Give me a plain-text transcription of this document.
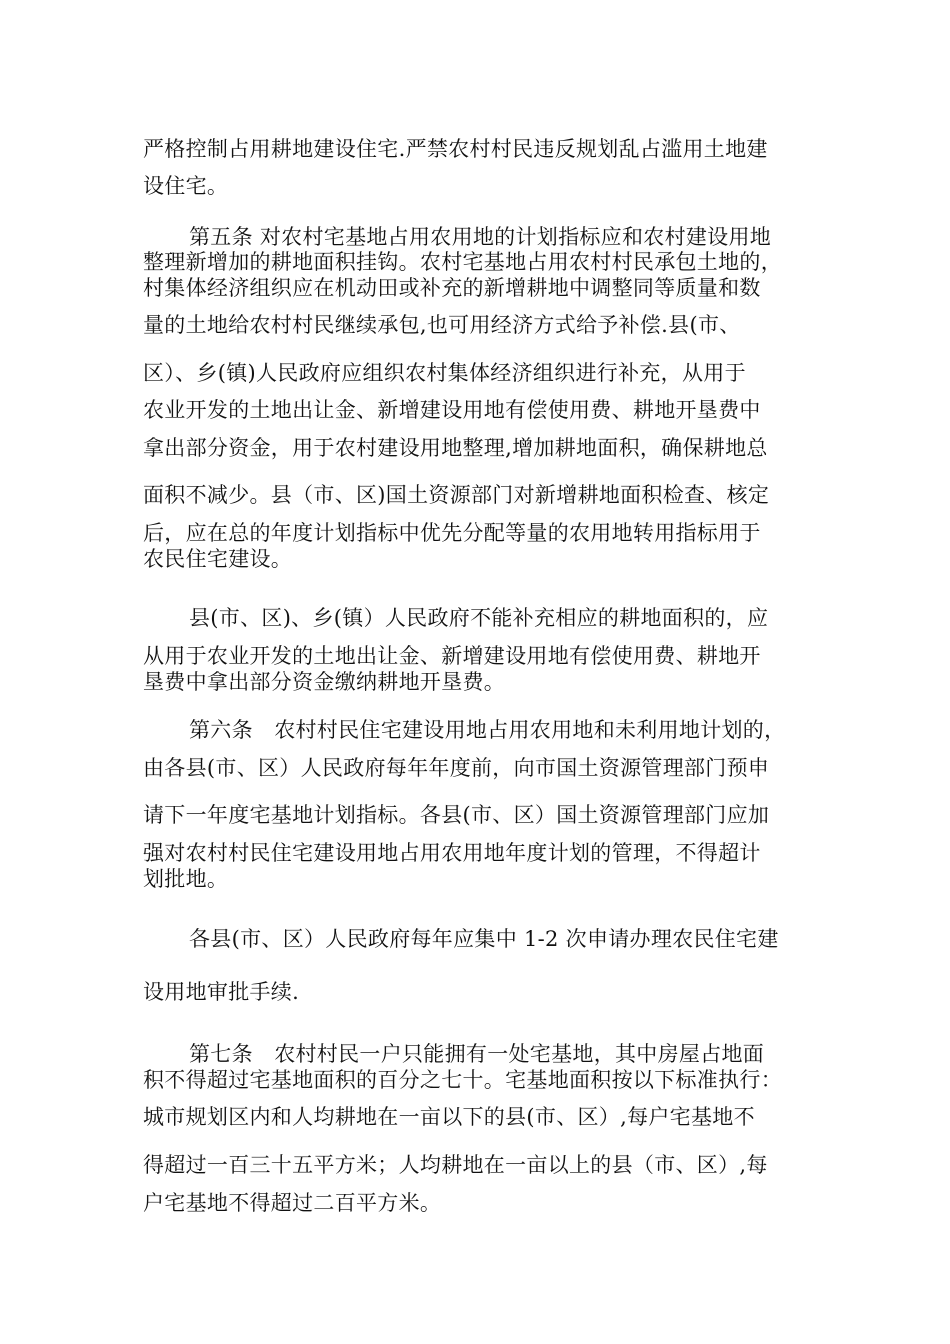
严格控制占用耕地建设住宅.严禁农村村民违反规划乱占滥用土地建
设住宅。
第五条 对农村宅基地占用农用地的计划指标应和农村建设用地
整理新增加的耕地面积挂钩。农村宅基地占用农村村民承包土地的，
村集体经济组织应在机动田或补充的新增耕地中调整同等质量和数
量的土地给农村村民继续承包,也可用经济方式给予补偿.县(市、
区）、乡(镇)人民政府应组织农村集体经济组织进行补充，从用于
农业开发的土地出让金、新增建设用地有偿使用费、耕地开垦费中
拿出部分资金，用于农村建设用地整理,增加耕地面积，确保耕地总
面积不减少。县（市、区)国土资源部门对新增耕地面积检查、核定
后，应在总的年度计划指标中优先分配等量的农用地转用指标用于
农民住宅建设。
县(市、区)、乡(镇）人民政府不能补充相应的耕地面积的，应
从用于农业开发的土地出让金、新增建设用地有偿使用费、耕地开
垦费中拿出部分资金缴纳耕地开垦费。
第六条　农村村民住宅建设用地占用农用地和未利用地计划的，
由各县(市、区）人民政府每年年度前，向市国土资源管理部门预申
请下一年度宅基地计划指标。各县(市、区）国土资源管理部门应加
强对农村村民住宅建设用地占用农用地年度计划的管理，不得超计
划批地。
各县(市、区）人民政府每年应集中 1-2 次申请办理农民住宅建
设用地审批手续.
第七条　农村村民一户只能拥有一处宅基地，其中房屋占地面
积不得超过宅基地面积的百分之七十。宅基地面积按以下标准执行：
城市规划区内和人均耕地在一亩以下的县(市、区）,每户宅基地不
得超过一百三十五平方米；人均耕地在一亩以上的县（市、区）,每
户宅基地不得超过二百平方米。
